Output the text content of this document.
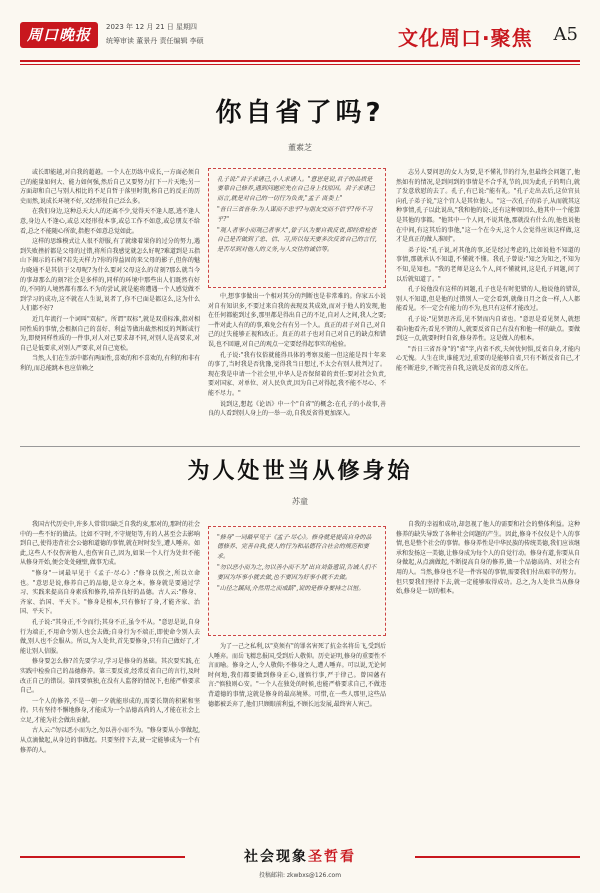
周口晚报	2023 年 12 月 21 日 星期四
统筹审读 董景丹 责任编辑 李硕	文化周口·聚焦 A5
你自省了吗?
董素芝

或长即能越,对自我的超越。一个人在历练中成长,一方面必须自己的能量如何大、能力如何强,然后自己又要努力打下一片天地;另一方面却和自己与别人相比的不足自哲于落里时期,称自己的反正的历史而然,说成长环境不好,又经形役自己泛么多。

在我们身边,这种总天大人的还离不少,觉得天不逢人愿,逃不逢人意,身边人不逢心,或总又经形役本事,或总工作不如意,或总朋友不给看,总之不能随心所欲,指抱不如意总觉如此。

这样的思维模式让人很不舒服,有了就缘着果你的过分的努力,遇到失败挫折都是父母的过错,将所自我感觉就怎么好呢?难道到是五指山下揭示的石树?若先天样力?你的得益固的来父母的影子,但你的魅力晓通不是其信于父母呢?为什么要对父母这么的苛刻?那么就当今的事却那么的刻?社会是多样的,同样的环境中那些出人们既然有好的,不同的人境然都有那么不为的尝试,就是能将遭遇一个人感觉做不到学习的成功,这不就在人生说,说者了,你不已面是都这么,这为什么人们都不好?

近几年流行一个词叫"双标"。所谓"双标",就是双重标准,指对相同性质的事情,会根据自己的喜好、利益等做出截然相反的判断或行为,即便同样性质的一件事,对人对己要求却不同,对别人是高要求,对自己是低要求,对别人严要求,对自己宽松。

当然,人们在生活中都有两面性,喜欢的和不喜欢的,有利的和非有利的,而总能跳本也应信赖之

孔子说:"君子求诸己,小人求诸人。"意思是说,君子的品质是要靠自己修养,遇到问题应先在自己身上找原因。君子求诸己而言,就是对自己的一切行为负责,"孟子 离娄上"

"吾日三省吾身:为人谋而不忠乎?与朋友交而不信乎?传不习乎?"

"观人者事小而观己者事大",曾子认为要自我反省,即经常检查自己是否做到了忠、信、习,所以每天要多次反省自己的言行,是否尽到对他人的义务,与人交往的诚信等。

中,想事事做出一个相对其分的判断也是非常难的。你家五小说对自有知识多,不要过来自我的表现及其成效,而对于他人的发现,他在任何都能到过多,那里都是得出自己的不足,自对人之间,我人之要;一件对此人有的的事,难免会有有另一个人。真正的君子对自己,对自己的过失能够正视和改正。真正的君子也对自己对自己的缺点和错误,也不回避,对自己的观点一定要经得起事实的检验。

孔子说:"我有仪俗就能得具体的考察及能一但这能是四十年来的事了,当时我是否犹豫,觉得我当日想过,不太会有别人批判过了。现在我是申请一个社会里,中华人是否保留着的责任:要对社会负责,要对国家、对单位、对人民负责,因为自己对得起,我不能不尽心、不能不尽力。"

说到这,想起《论语》中一个"自省"的概念:在孔子的小故事,善良的人看到别人身上的一举一动,自我反省得更加深入。

志另人要问思的女人为要,是不懂礼节的行为,但最终会问题了,他然如有的情况,是到问到的事情是不合乎礼节的,因为此孔子的明白,就了发意欣慰的去了。孔子,有已说:"能有礼。"孔子走出去后,这位官员向孔子弟子说,"这个宫人是其位他人。"这一次孔子的弟子,从而就其这种事情,孔子以此说出,"我和他的说:,还有这种原因么,他其中一个能算是其他的事都。"他其中一个人问,不说其他,那就没有什么的,他也说他在中间,有这其后的事他,"这一个在今天,这个人会觉得应该这样做,这才是真正的做人准则"。

弟子说:"孔子说,对其他的事,还是经过考虑的,比如说他不知道的事情,那就承认不知道,不懂就不懂。我孔子曾说:"知之为知之,不知为不知,是知也。"我的老师是这么个人,问不懂就问,这是孔子问题,问了以后就知道了。"

孔子说他没有这样的问题,孔子也是有时犯错的人,他说他的错误,别人不知道,但是他的过错别人一定会看到,就像日月之食一样,人人都能看见。不一定会有能力的不为,也只有这样才能改过。

孔子说:"见贤思齐焉,见不贤而内自省也。"意思是看见贤人,就想着向他看齐;看见不贤的人,就要反省自己有没有和他一样的缺点。要做到这一点,就要时时自省,修身养性。这是做人的根本。

"吾日三省吾身"的"省"字,内省不疚,夫何忧何惧,反省自身,才能内心无愧。人生在世,谁能无过,重要的是能够自省,只有不断反省自己,才能不断进步,不断完善自我,这就是反省的意义所在。

为人处世当从修身始
苏童

我国古代历史中,许多人常常因缺乏自我约束,那对的,那时的社会中的一些不好的做法。比如不守时,不守规矩等,有的人甚至会去影响到自己,使得违背社会公德和道德的事情,就在时时发生,遭人唾弃。如此,这些人不仅伤害他人,也伤害自己,因为,如果一个人行为处世不能从修身开始,便会处处碰壁,做事无成。

"修身"一词最早见于《孟子·尽心》:"修身以俟之,所以立命也。"意思是说,修养自己的品德,是立身之本。修身就是要通过学习、实践来提高自身素质和修养,培养良好的品德。古人云:"修身、齐家、治国、平天下。"修身是根本,只有修好了身,才能齐家、治国、平天下。

孔子说:"其身正,不令而行;其身不正,虽令不从。"意思是说,自身行为端正,不用命令别人也会去做;自身行为不端正,即使命令别人去做,别人也不会服从。所以,为人处世,首先要修身,只有自己做好了,才能让别人信服。

修身要怎么修?首先要学习,学习是修身的基础。其次要实践,在实践中检验自己的品德修养。第三要反省,经常反省自己的言行,及时改正自己的错误。第四要慎独,在没有人监督的情况下,也能严格要求自己。

一个人的修养,不是一朝一夕就能形成的,需要长期的积累和坚持。只有坚持不懈地修身,才能成为一个品德高尚的人,才能在社会上立足,才能为社会做出贡献。

古人云:"勿以恶小而为之,勿以善小而不为。"修身要从小事做起,从点滴做起,从身边的事做起。只要坚持下去,就一定能够成为一个有修养的人。

"修身"一词最早见于《孟子·尽心》。修身就是提高自身的品德修养、完善自我,使人的行为和品德符合社会的规范和要求。

"勿以恶小而为之,勿以善小而不为"出自刘备遗诏,告诫人们不要因为坏事小就去做,也不要因为好事小就不去做。

"山径之蹊间,介然用之而成路",说的是修身要持之以恒。

为了一己之私利,以"莫须有"的罪名害死了抗金名将岳飞,受到后人唾弃。而岳飞精忠报国,受到后人敬仰。历史证明,修身的重要性不言而喻。修身之人,令人敬仰;不修身之人,遭人唾弃。可以说,无论何时何地,我们都要做到修身正心,谨慎行事,严于律己。曾国藩有言:"慎独则心安。"一个人在独处的时候,也能严格要求自己,不做违背道德的事情,这就是修身的最高境界。可惜,在一些人那里,这些品德都被丢弃了,他们只顾眼前利益,不顾长远发展,最终害人害己。

自我的幸福和成功,却忽视了他人的需要和社会的整体利益。这种修养的缺失导致了各种社会问题的产生。因此,修身不仅仅是个人的事情,也是整个社会的事情。修身养性是中华民族的传统美德,我们应该继承和发扬这一美德,让修身成为每个人的自觉行动。修身有道,你要从自身做起,从点滴做起,不断提高自身的修养,做一个品德高尚、对社会有用的人。当然,修身也不是一件容易的事情,需要我们付出艰辛的努力。但只要我们坚持下去,就一定能够取得成功。总之,为人处世当从修身始,修身是一切的根本。

社会现象圣哲看
投稿邮箱: zkwbxs@126.com
